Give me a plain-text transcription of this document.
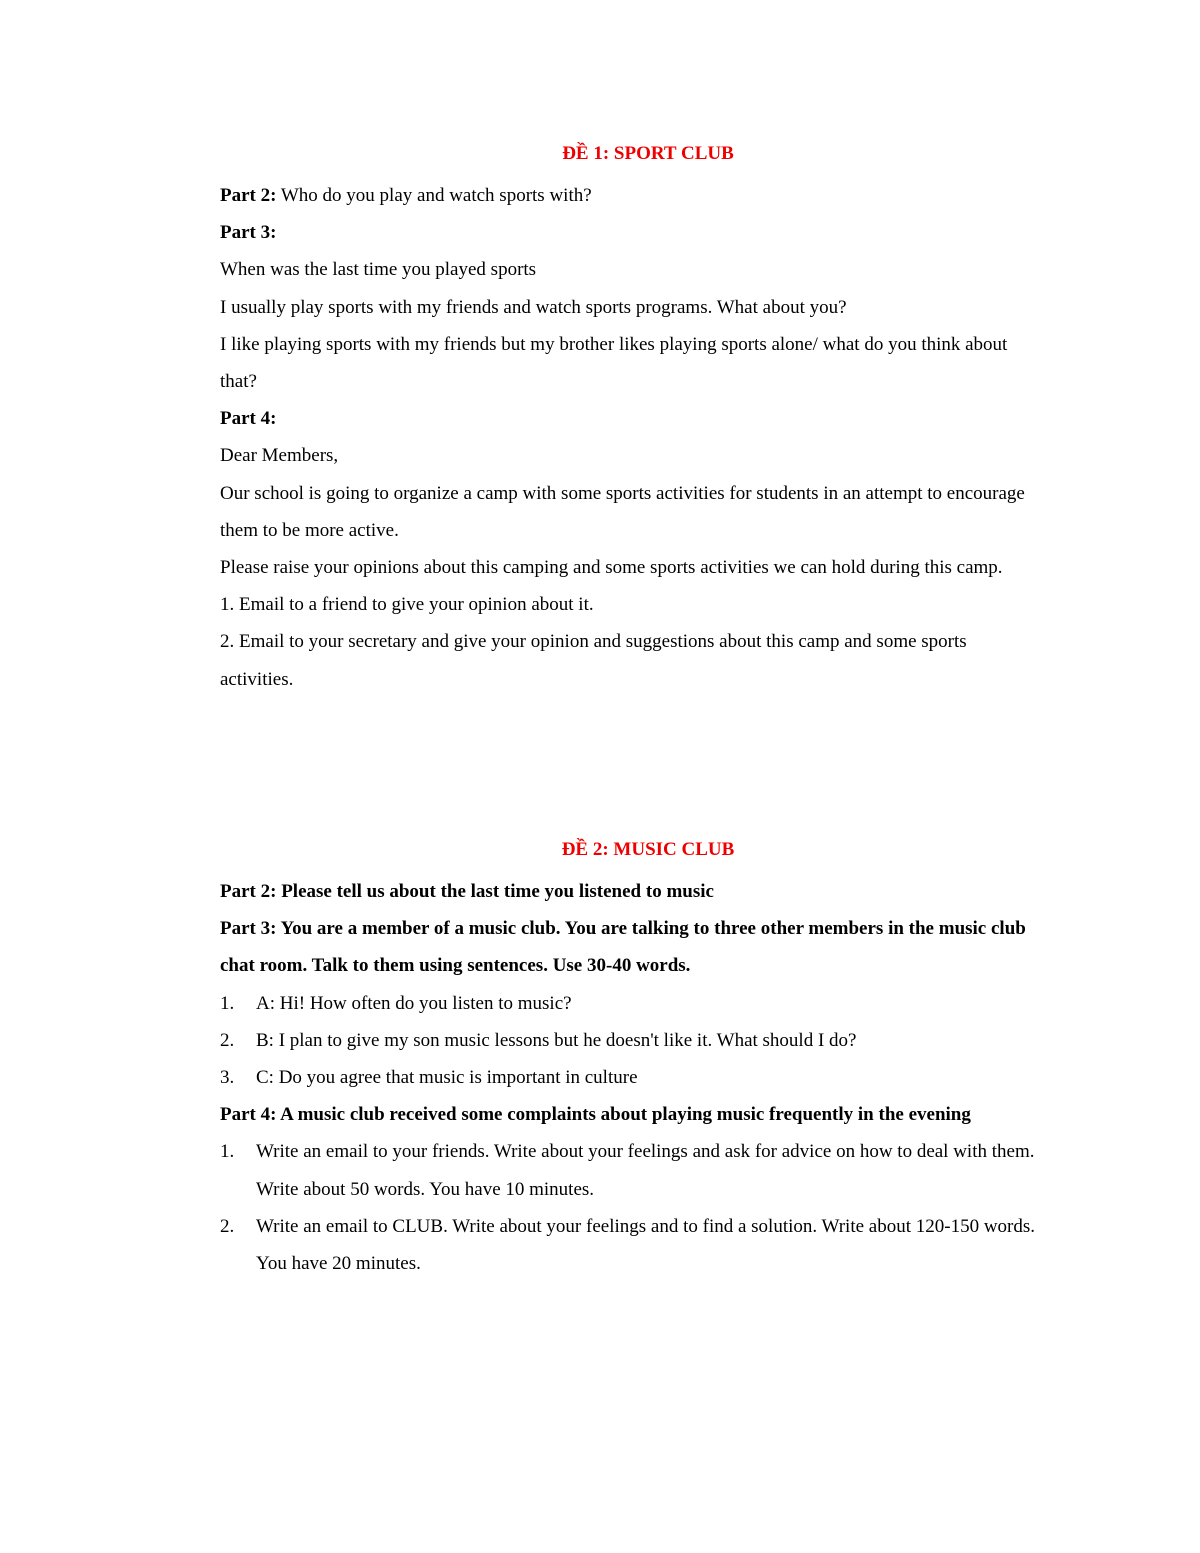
ĐỀ 1: SPORT CLUB

Part 2: Who do you play and watch sports with?

Part 3:

When was the last time you played sports

I usually play sports with my friends and watch sports programs. What about you?

I like playing sports with my friends but my brother likes playing sports alone/ what do you think about that?

Part 4:

Dear Members,

Our school is going to organize a camp with some sports activities for students in an attempt to encourage them to be more active.

Please raise your opinions about this camping and some sports activities we can hold during this camp.

1. Email to a friend to give your opinion about it.

2. Email to your secretary and give your opinion and suggestions about this camp and some sports activities.

ĐỀ 2: MUSIC CLUB

Part 2: Please tell us about the last time you listened to music

Part 3: You are a member of a music club. You are talking to three other members in the music club chat room. Talk to them using sentences. Use 30-40 words.

1.	A: Hi! How often do you listen to music?
2.	B: I plan to give my son music lessons but he doesn't like it. What should I do?
3.	C: Do you agree that music is important in culture

Part 4: A music club received some complaints about playing music frequently in the evening

1.	Write an email to your friends. Write about your feelings and ask for advice on how to deal with them. Write about 50 words. You have 10 minutes.
2.	Write an email to CLUB. Write about your feelings and to find a solution. Write about 120-150 words. You have 20 minutes.
